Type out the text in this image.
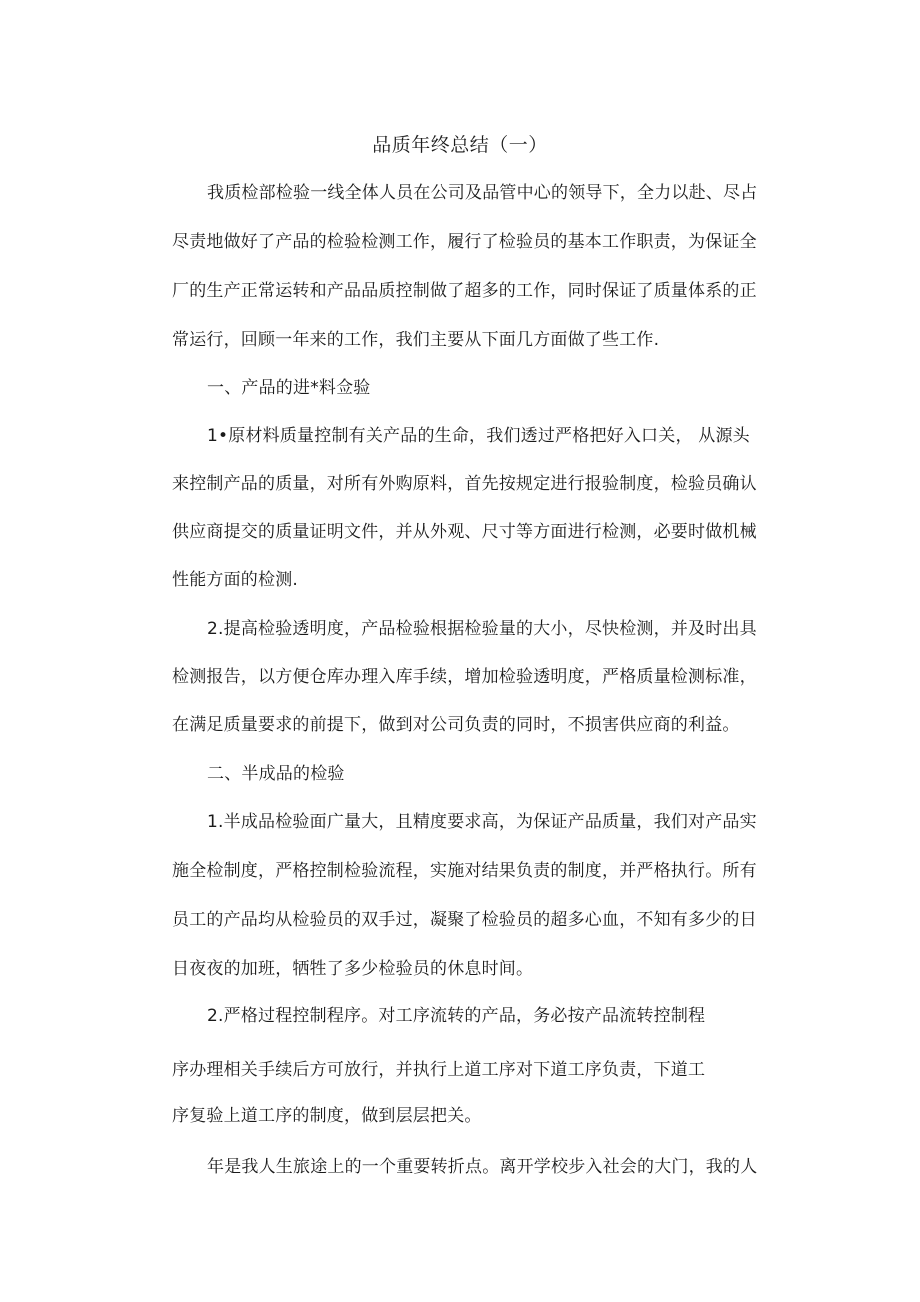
品质年终总结（一）
我质检部检验一线全体人员在公司及品管中心的领导下，全力以赴、尽占
尽责地做好了产品的检验检测工作，履行了检验员的基本工作职责，为保证全
厂的生产正常运转和产品品质控制做了超多的工作，同时保证了质量体系的正
常运行，回顾一年来的工作，我们主要从下面几方面做了些工作.
一、产品的进*料佥验
1•原材料质量控制有关产品的生命，我们透过严格把好入口关， 从源头
来控制产品的质量，对所有外购原料，首先按规定进行报验制度，检验员确认
供应商提交的质量证明文件，并从外观、尺寸等方面进行检测，必要时做机械
性能方面的检测.
2.提高检验透明度，产品检验根据检验量的大小，尽快检测，并及时出具
检测报告，以方便仓库办理入库手续，增加检验透明度，严格质量检测标准，
在满足质量要求的前提下，做到对公司负责的同时，不损害供应商的利益。
二、半成品的检验
1.半成品检验面广量大，且精度要求高，为保证产品质量，我们对产品实
施全检制度，严格控制检验流程，实施对结果负责的制度，并严格执行。所有
员工的产品均从检验员的双手过，凝聚了检验员的超多心血，不知有多少的日
日夜夜的加班，牺牲了多少检验员的休息时间。
2.严格过程控制程序。对工序流转的产品，务必按产品流转控制程
序办理相关手续后方可放行，并执行上道工序对下道工序负责，下道工
序复验上道工序的制度，做到层层把关。
年是我人生旅途上的一个重要转折点。离开学校步入社会的大门，我的人
